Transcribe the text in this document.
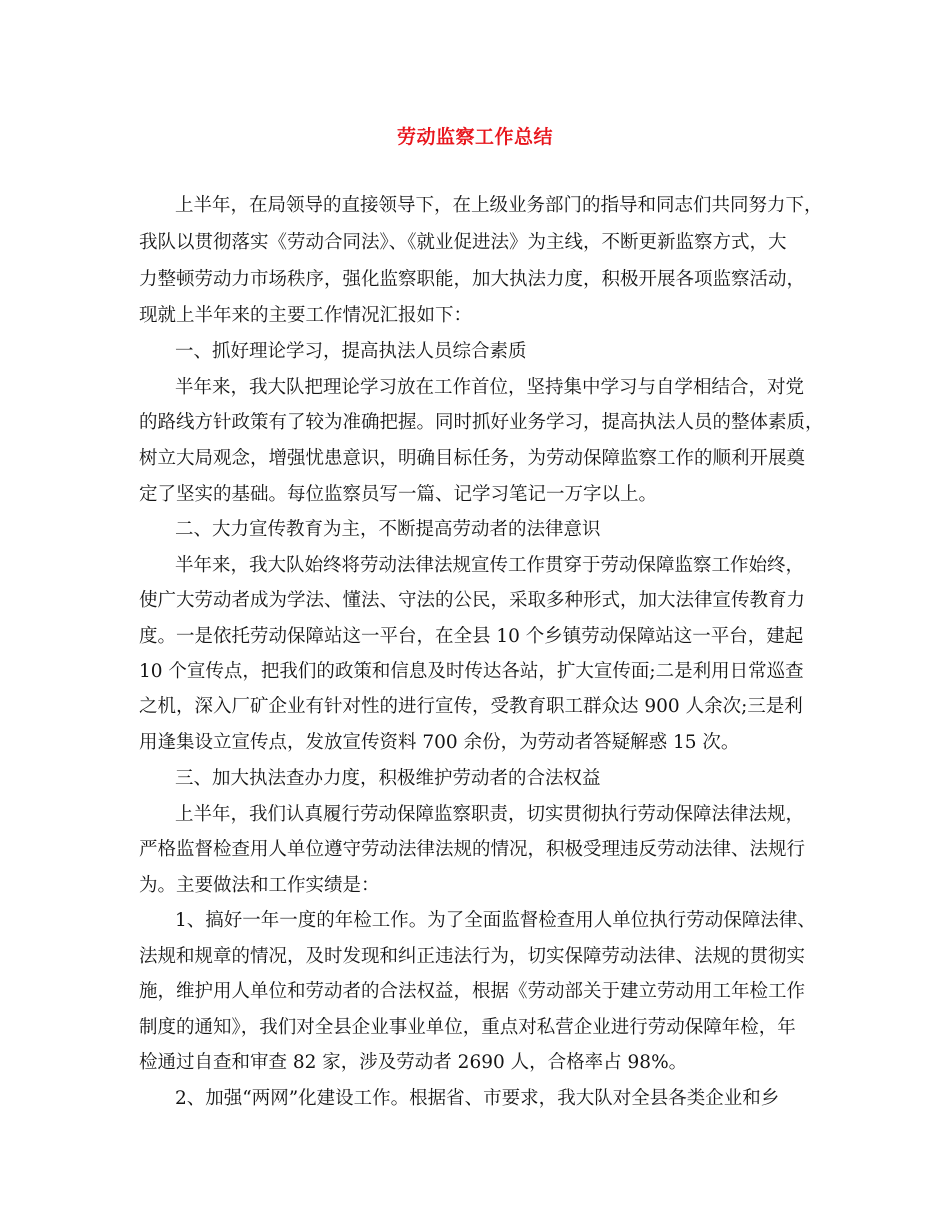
劳动监察工作总结
上半年，在局领导的直接领导下，在上级业务部门的指导和同志们共同努力下，
我队以贯彻落实《劳动合同法》、《就业促进法》为主线，不断更新监察方式，大
力整顿劳动力市场秩序，强化监察职能，加大执法力度，积极开展各项监察活动，
现就上半年来的主要工作情况汇报如下：
一、抓好理论学习，提高执法人员综合素质
半年来，我大队把理论学习放在工作首位，坚持集中学习与自学相结合，对党
的路线方针政策有了较为准确把握。同时抓好业务学习，提高执法人员的整体素质，
树立大局观念，增强忧患意识，明确目标任务，为劳动保障监察工作的顺利开展奠
定了坚实的基础。每位监察员写一篇、记学习笔记一万字以上。
二、大力宣传教育为主，不断提高劳动者的法律意识
半年来，我大队始终将劳动法律法规宣传工作贯穿于劳动保障监察工作始终，
使广大劳动者成为学法、懂法、守法的公民，采取多种形式，加大法律宣传教育力
度。一是依托劳动保障站这一平台，在全县 10 个乡镇劳动保障站这一平台，建起
10 个宣传点，把我们的政策和信息及时传达各站，扩大宣传面;二是利用日常巡查
之机，深入厂矿企业有针对性的进行宣传，受教育职工群众达 900 人余次;三是利
用逢集设立宣传点，发放宣传资料 700 余份，为劳动者答疑解惑 15 次。
三、加大执法查办力度，积极维护劳动者的合法权益
上半年，我们认真履行劳动保障监察职责，切实贯彻执行劳动保障法律法规，
严格监督检查用人单位遵守劳动法律法规的情况，积极受理违反劳动法律、法规行
为。主要做法和工作实绩是：
1、搞好一年一度的年检工作。为了全面监督检查用人单位执行劳动保障法律、
法规和规章的情况，及时发现和纠正违法行为，切实保障劳动法律、法规的贯彻实
施，维护用人单位和劳动者的合法权益，根据《劳动部关于建立劳动用工年检工作
制度的通知》，我们对全县企业事业单位，重点对私营企业进行劳动保障年检，年
检通过自查和审查 82 家，涉及劳动者 2690 人，合格率占 98%。
2、加强“两网”化建设工作。根据省、市要求，我大队对全县各类企业和乡
